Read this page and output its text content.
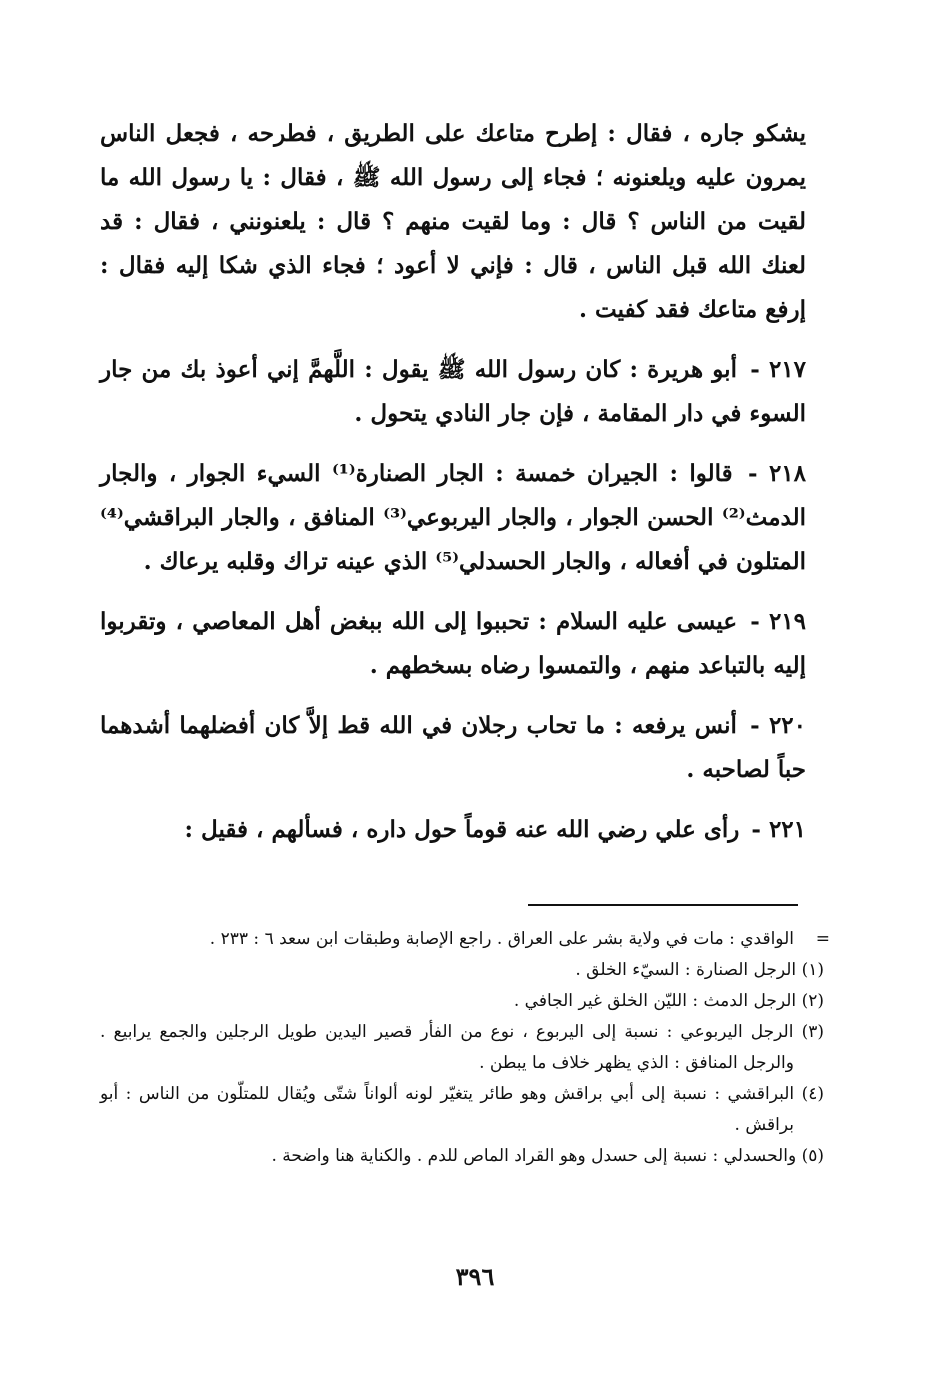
يشكو جاره ، فقال : إطرح متاعك على الطريق ، فطرحه ، فجعل الناس يمرون عليه ويلعنونه ؛ فجاء إلى رسول الله ﷺ ، فقال : يا رسول الله ما لقيت من الناس ؟ قال : وما لقيت منهم ؟ قال : يلعنونني ، فقال : قد لعنك الله قبل الناس ، قال : فإني لا أعود ؛ فجاء الذي شكا إليه فقال : إرفع متاعك فقد كفيت .

٢١٧ - أبو هريرة : كان رسول الله ﷺ يقول : اللَّهمَّ إني أعوذ بك من جار السوء في دار المقامة ، فإن جار النادي يتحول .

٢١٨ - قالوا : الجيران خمسة : الجار الصنارة⁽¹⁾ السيء الجوار ، والجار الدمث⁽²⁾ الحسن الجوار ، والجار اليربوعي⁽³⁾ المنافق ، والجار البراقشي⁽⁴⁾ المتلون في أفعاله ، والجار الحسدلي⁽⁵⁾ الذي عينه تراك وقلبه يرعاك .

٢١٩ - عيسى عليه السلام : تحببوا إلى الله ببغض أهل المعاصي ، وتقربوا إليه بالتباعد منهم ، والتمسوا رضاه بسخطهم .

٢٢٠ - أنس يرفعه : ما تحاب رجلان في الله قط إلاَّ كان أفضلهما أشدهما حباً لصاحبه .

٢٢١ - رأى علي رضي الله عنه قوماً حول داره ، فسألهم ، فقيل :

=
الواقدي : مات في ولاية بشر على العراق . راجع الإصابة وطبقات ابن سعد ٦ : ٢٣٣ .
(١) الرجل الصنارة : السيّء الخلق .
(٢) الرجل الدمث : الليّن الخلق غير الجافي .
(٣) الرجل اليربوعي : نسبة إلى اليربوع ، نوع من الفأر قصير اليدين طويل الرجلين والجمع يرابيع . والرجل المنافق : الذي يظهر خلاف ما يبطن .
(٤) البراقشي : نسبة إلى أبي براقش وهو طائر يتغيّر لونه ألواناً شتّى ويُقال للمتلّون من الناس : أبو براقش .
(٥) والحسدلي : نسبة إلى حسدل وهو القراد الماص للدم . والكناية هنا واضحة .
٣٩٦
